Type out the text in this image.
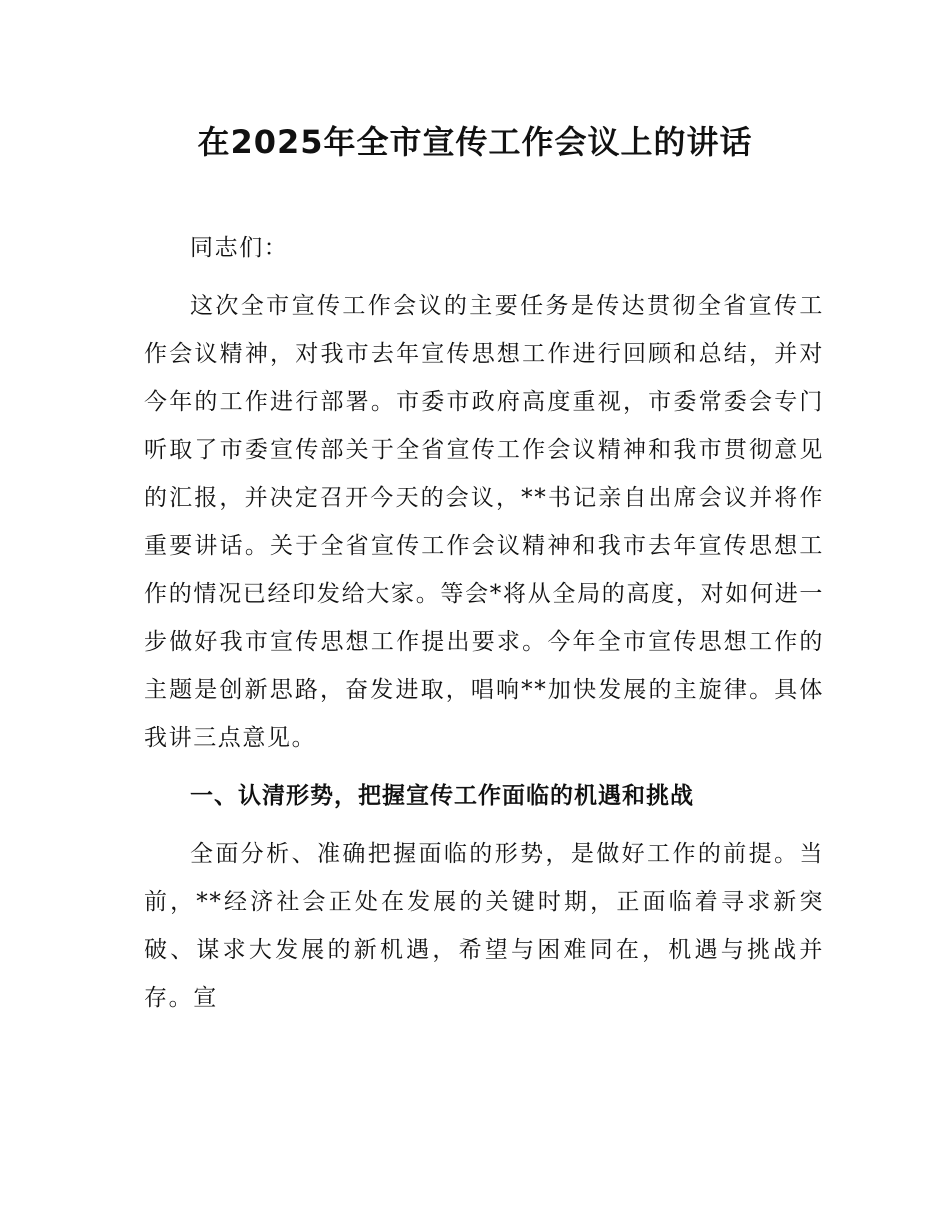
在2025年全市宣传工作会议上的讲话

同志们：

这次全市宣传工作会议的主要任务是传达贯彻全省宣传工作会议精神，对我市去年宣传思想工作进行回顾和总结，并对今年的工作进行部署。市委市政府高度重视，市委常委会专门听取了市委宣传部关于全省宣传工作会议精神和我市贯彻意见的汇报，并决定召开今天的会议，**书记亲自出席会议并将作重要讲话。关于全省宣传工作会议精神和我市去年宣传思想工作的情况已经印发给大家。等会*将从全局的高度，对如何进一步做好我市宣传思想工作提出要求。今年全市宣传思想工作的主题是创新思路，奋发进取，唱响**加快发展的主旋律。具体我讲三点意见。

一、认清形势，把握宣传工作面临的机遇和挑战

全面分析、准确把握面临的形势，是做好工作的前提。当前，**经济社会正处在发展的关键时期，正面临着寻求新突破、谋求大发展的新机遇，希望与困难同在，机遇与挑战并存。宣
